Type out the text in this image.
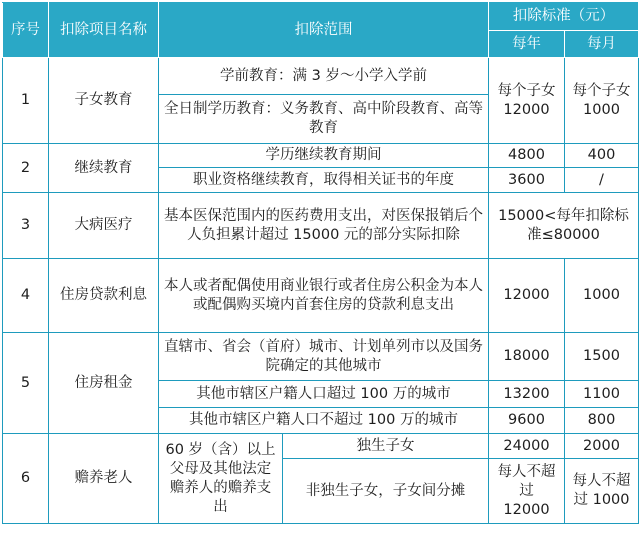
序号	扣除项目名称	扣除范围		扣除标准（元）	
				每年	每月
1	子女教育	学前教育：满 3 岁～小学入学前		每个子女 12000	每个子女 1000
		全日制学历教育：义务教育、高中阶段教育、高等教育			
2	继续教育	学历继续教育期间		4800	400
		职业资格继续教育，取得相关证书的年度		3600	/
3	大病医疗	基本医保范围内的医药费用支出，对医保报销后个人负担累计超过 15000 元的部分实际扣除		15000<每年扣除标准≤80000	
4	住房贷款利息	本人或者配偶使用商业银行或者住房公积金为本人或配偶购买境内首套住房的贷款利息支出		12000	1000
5	住房租金	直辖市、省会（首府）城市、计划单列市以及国务院确定的其他城市		18000	1500
		其他市辖区户籍人口超过 100 万的城市		13200	1100
		其他市辖区户籍人口不超过 100 万的城市		9600	800
6	赡养老人	60 岁（含）以上父母及其他法定赡养人的赡养支出	独生子女	24000	2000
			非独生子女，子女间分摊	每人不超过 12000	每人不超过 1000
